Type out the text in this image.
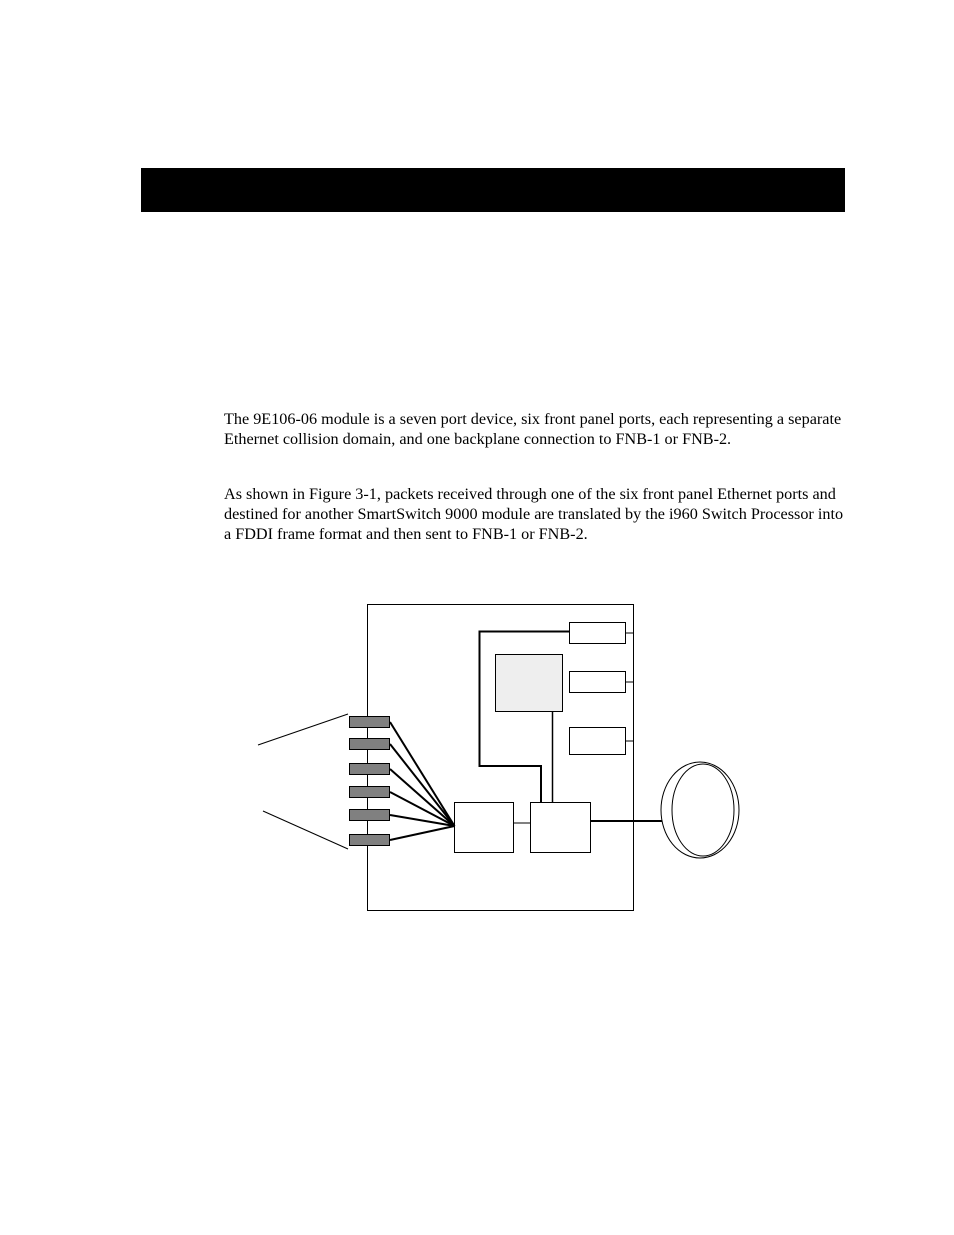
The 9E106-06 module is a seven port device, six front panel ports, each representing a separate Ethernet collision domain, and one backplane connection to FNB-1 or FNB-2.

As shown in Figure 3-1, packets received through one of the six front panel Ethernet ports and destined for another SmartSwitch 9000 module are translated by the i960 Switch Processor into a FDDI frame format and then sent to FNB-1 or FNB-2.
